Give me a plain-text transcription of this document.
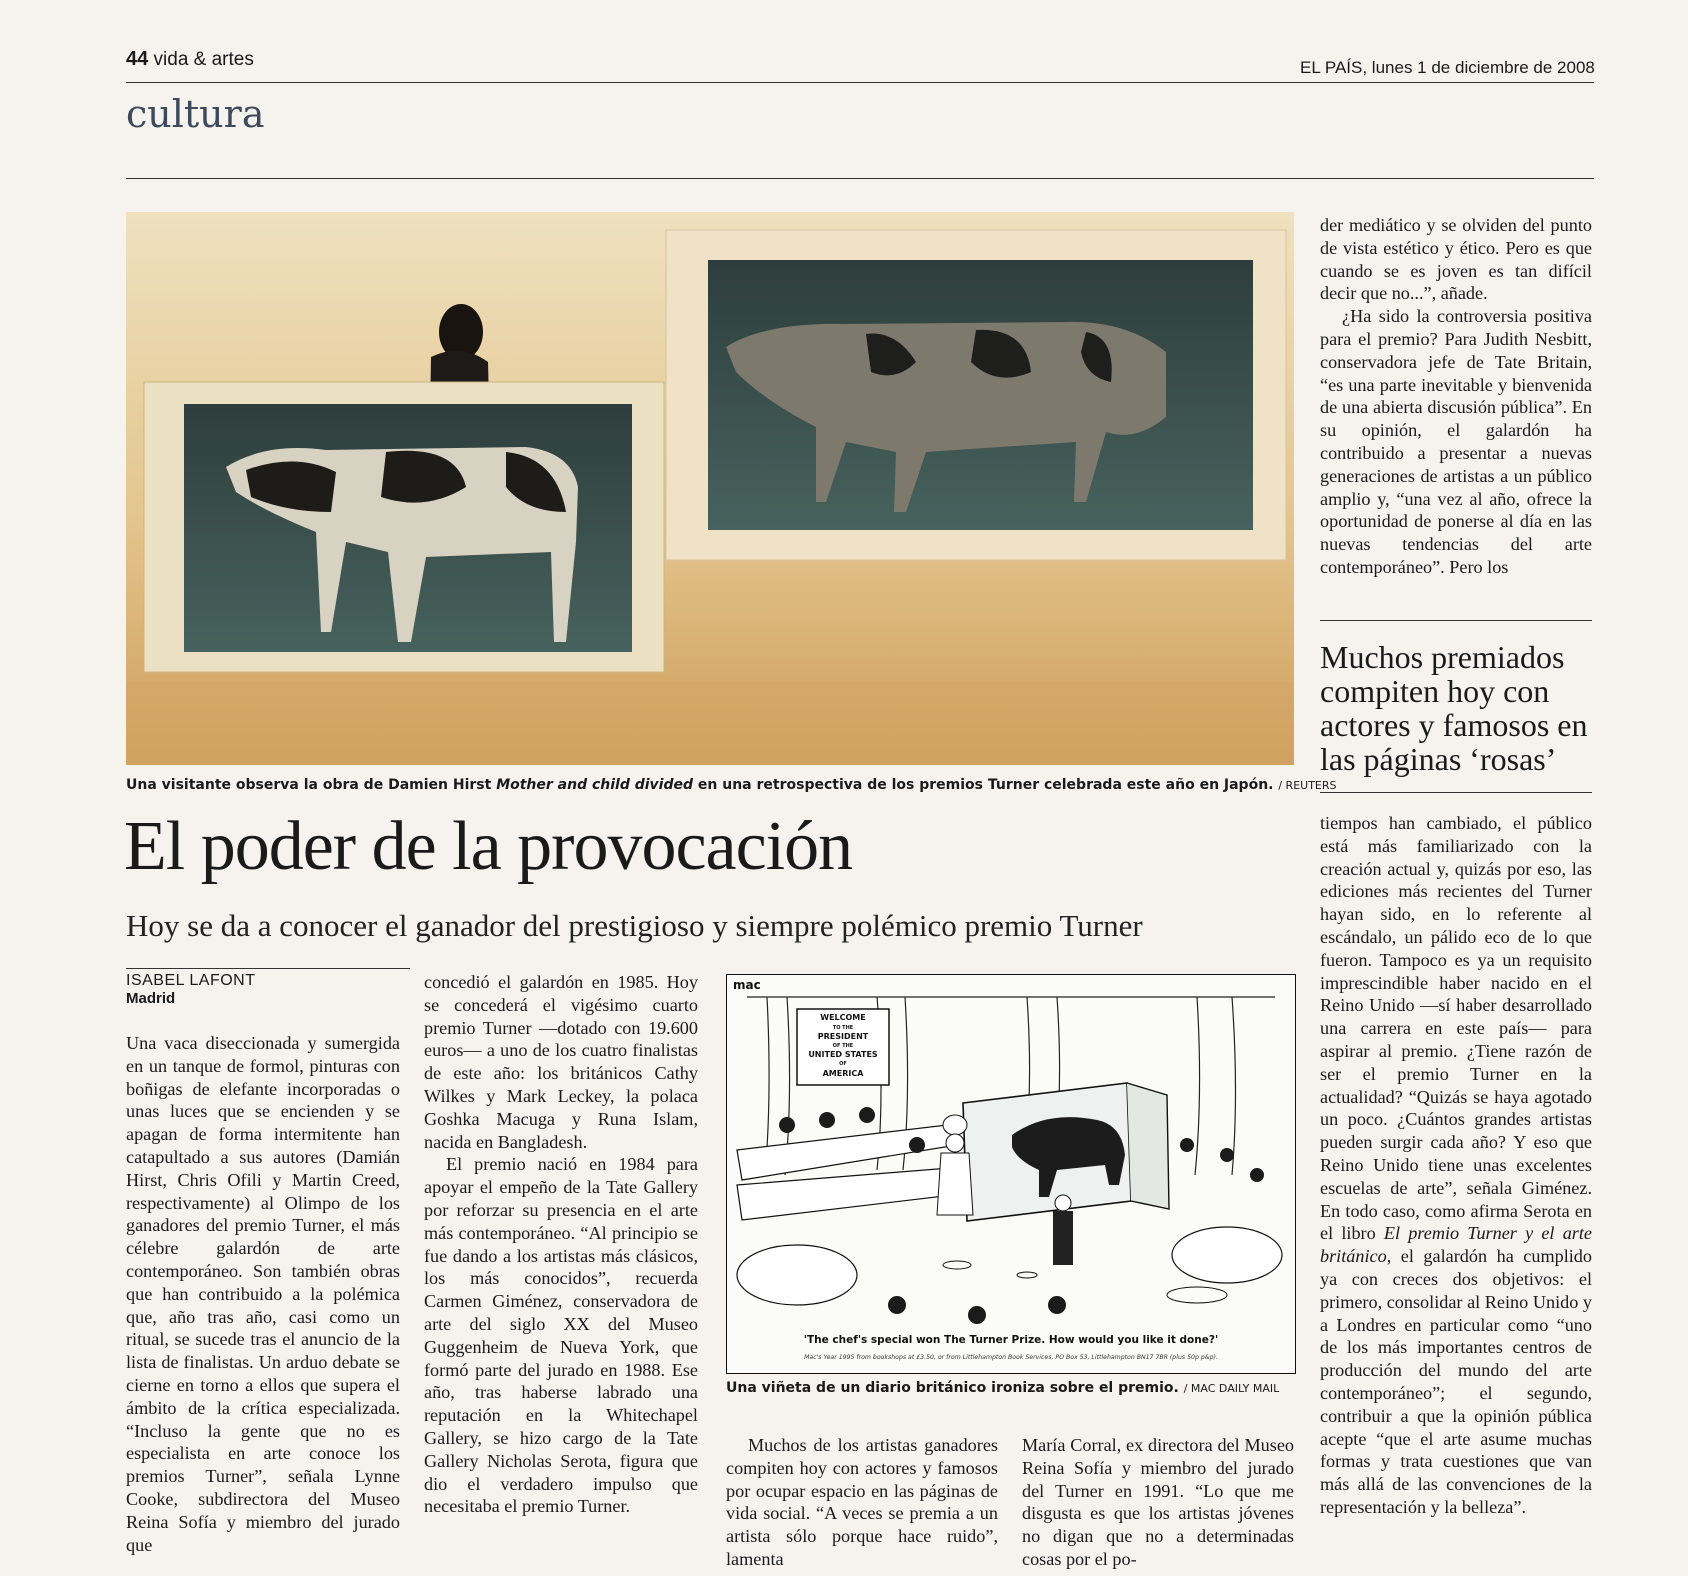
44 vida & artes	EL PAÍS, lunes 1 de diciembre de 2008
cultura
Una visitante observa la obra de Damien Hirst Mother and child divided en una retrospectiva de los premios Turner celebrada este año en Japón. / REUTERS
El poder de la provocación
Hoy se da a conocer el ganador del prestigioso y siempre polémico premio Turner
ISABEL LAFONT
Madrid

Una vaca diseccionada y sumergida en un tanque de formol, pinturas con boñigas de elefante incorporadas o unas luces que se encienden y se apagan de forma intermitente han catapultado a sus autores (Damián Hirst, Chris Ofili y Martin Creed, respectivamente) al Olimpo de los ganadores del premio Turner, el más célebre galardón de arte contemporáneo. Son también obras que han contribuido a la polémica que, año tras año, casi como un ritual, se sucede tras el anuncio de la lista de finalistas. Un arduo debate se cierne en torno a ellos que supera el ámbito de la crítica especializada. “Incluso la gente que no es especialista en arte conoce los premios Turner”, señala Lynne Cooke, subdirectora del Museo Reina Sofía y miembro del jurado que

concedió el galardón en 1985. Hoy se concederá el vigésimo cuarto premio Turner —dotado con 19.600 euros— a uno de los cuatro finalistas de este año: los británicos Cathy Wilkes y Mark Leckey, la polaca Goshka Macuga y Runa Islam, nacida en Bangladesh.

El premio nació en 1984 para apoyar el empeño de la Tate Gallery por reforzar su presencia en el arte más contemporáneo. “Al principio se fue dando a los artistas más clásicos, los más conocidos”, recuerda Carmen Giménez, conservadora de arte del siglo XX del Museo Guggenheim de Nueva York, que formó parte del jurado en 1988. Ese año, tras haberse labrado una reputación en la Whitechapel Gallery, se hizo cargo de la Tate Gallery Nicholas Serota, figura que dio el verdadero impulso que necesitaba el premio Turner.

mac
WELCOME
TO THE
PRESIDENT
OF THE
UNITED STATES
OF
AMERICA
'The chef's special won The Turner Prize. How would you like it done?'
Mac's Year 1995 from bookshops at £3.50, or from Littlehampton Book Services, PO Box 53, Littlehampton BN17 7BR (plus 50p p&p).
Una viñeta de un diario británico ironiza sobre el premio. / MAC DAILY MAIL

Muchos de los artistas ganadores compiten hoy con actores y famosos por ocupar espacio en las páginas de vida social. “A veces se premia a un artista sólo porque hace ruido”, lamenta

María Corral, ex directora del Museo Reina Sofía y miembro del jurado del Turner en 1991. “Lo que me disgusta es que los artistas jóvenes no digan que no a determinadas cosas por el po-

der mediático y se olviden del punto de vista estético y ético. Pero es que cuando se es joven es tan difícil decir que no...”, añade.

¿Ha sido la controversia positiva para el premio? Para Judith Nesbitt, conservadora jefe de Tate Britain, “es una parte inevitable y bienvenida de una abierta discusión pública”. En su opinión, el galardón ha contribuido a presentar a nuevas generaciones de artistas a un público amplio y, “una vez al año, ofrece la oportunidad de ponerse al día en las nuevas tendencias del arte contemporáneo”. Pero los

Muchos premiados compiten hoy con actores y famosos en las páginas ‘rosas’

tiempos han cambiado, el público está más familiarizado con la creación actual y, quizás por eso, las ediciones más recientes del Turner hayan sido, en lo referente al escándalo, un pálido eco de lo que fueron. Tampoco es ya un requisito imprescindible haber nacido en el Reino Unido —sí haber desarrollado una carrera en este país— para aspirar al premio. ¿Tiene razón de ser el premio Turner en la actualidad? “Quizás se haya agotado un poco. ¿Cuántos grandes artistas pueden surgir cada año? Y eso que Reino Unido tiene unas excelentes escuelas de arte”, señala Giménez. En todo caso, como afirma Serota en el libro El premio Turner y el arte británico, el galardón ha cumplido ya con creces dos objetivos: el primero, consolidar al Reino Unido y a Londres en particular como “uno de los más importantes centros de producción del mundo del arte contemporáneo”; el segundo, contribuir a que la opinión pública acepte “que el arte asume muchas formas y trata cuestiones que van más allá de las convenciones de la representación y la belleza”.
